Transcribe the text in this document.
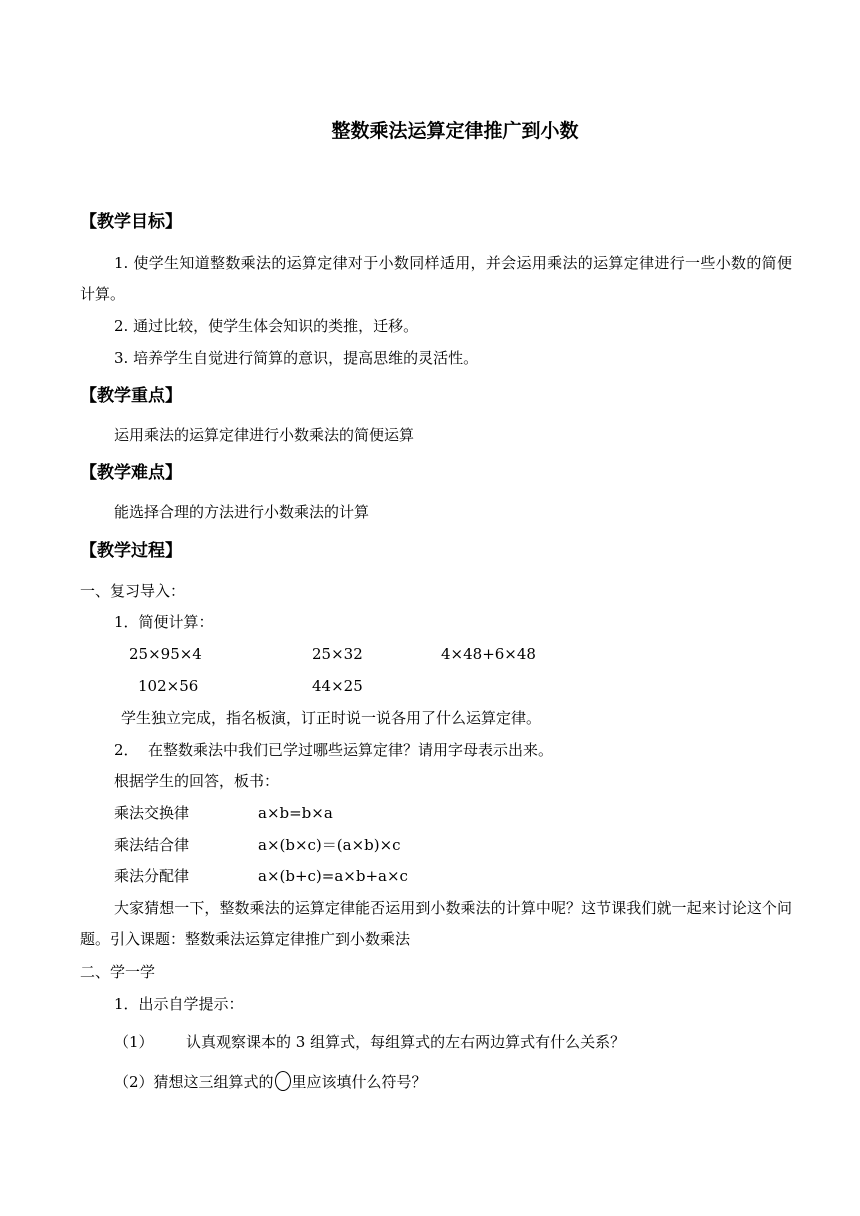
整数乘法运算定律推广到小数
【教学目标】
1. 使学生知道整数乘法的运算定律对于小数同样适用，并会运用乘法的运算定律进行一些小数的简便计算。
2. 通过比较，使学生体会知识的类推，迁移。
3. 培养学生自觉进行简算的意识，提高思维的灵活性。
【教学重点】
运用乘法的运算定律进行小数乘法的简便运算
【教学难点】
能选择合理的方法进行小数乘法的计算
【教学过程】
一、复习导入：
1．简便计算：
25×95×4	25×32	4×48+6×48
102×56	44×25
学生独立完成，指名板演，订正时说一说各用了什么运算定律。
2． 在整数乘法中我们已学过哪些运算定律？请用字母表示出来。
根据学生的回答，板书：
乘法交换律	a×b=b×a
乘法结合律	a×(b×c)＝(a×b)×c
乘法分配律	a×(b+c)=a×b+a×c
大家猜想一下，整数乘法的运算定律能否运用到小数乘法的计算中呢？这节课我们就一起来讨论这个问题。引入课题：整数乘法运算定律推广到小数乘法
二、学一学
1．出示自学提示：
（1） 认真观察课本的 3 组算式，每组算式的左右两边算式有什么关系？
（2）猜想这三组算式的 里应该填什么符号？
